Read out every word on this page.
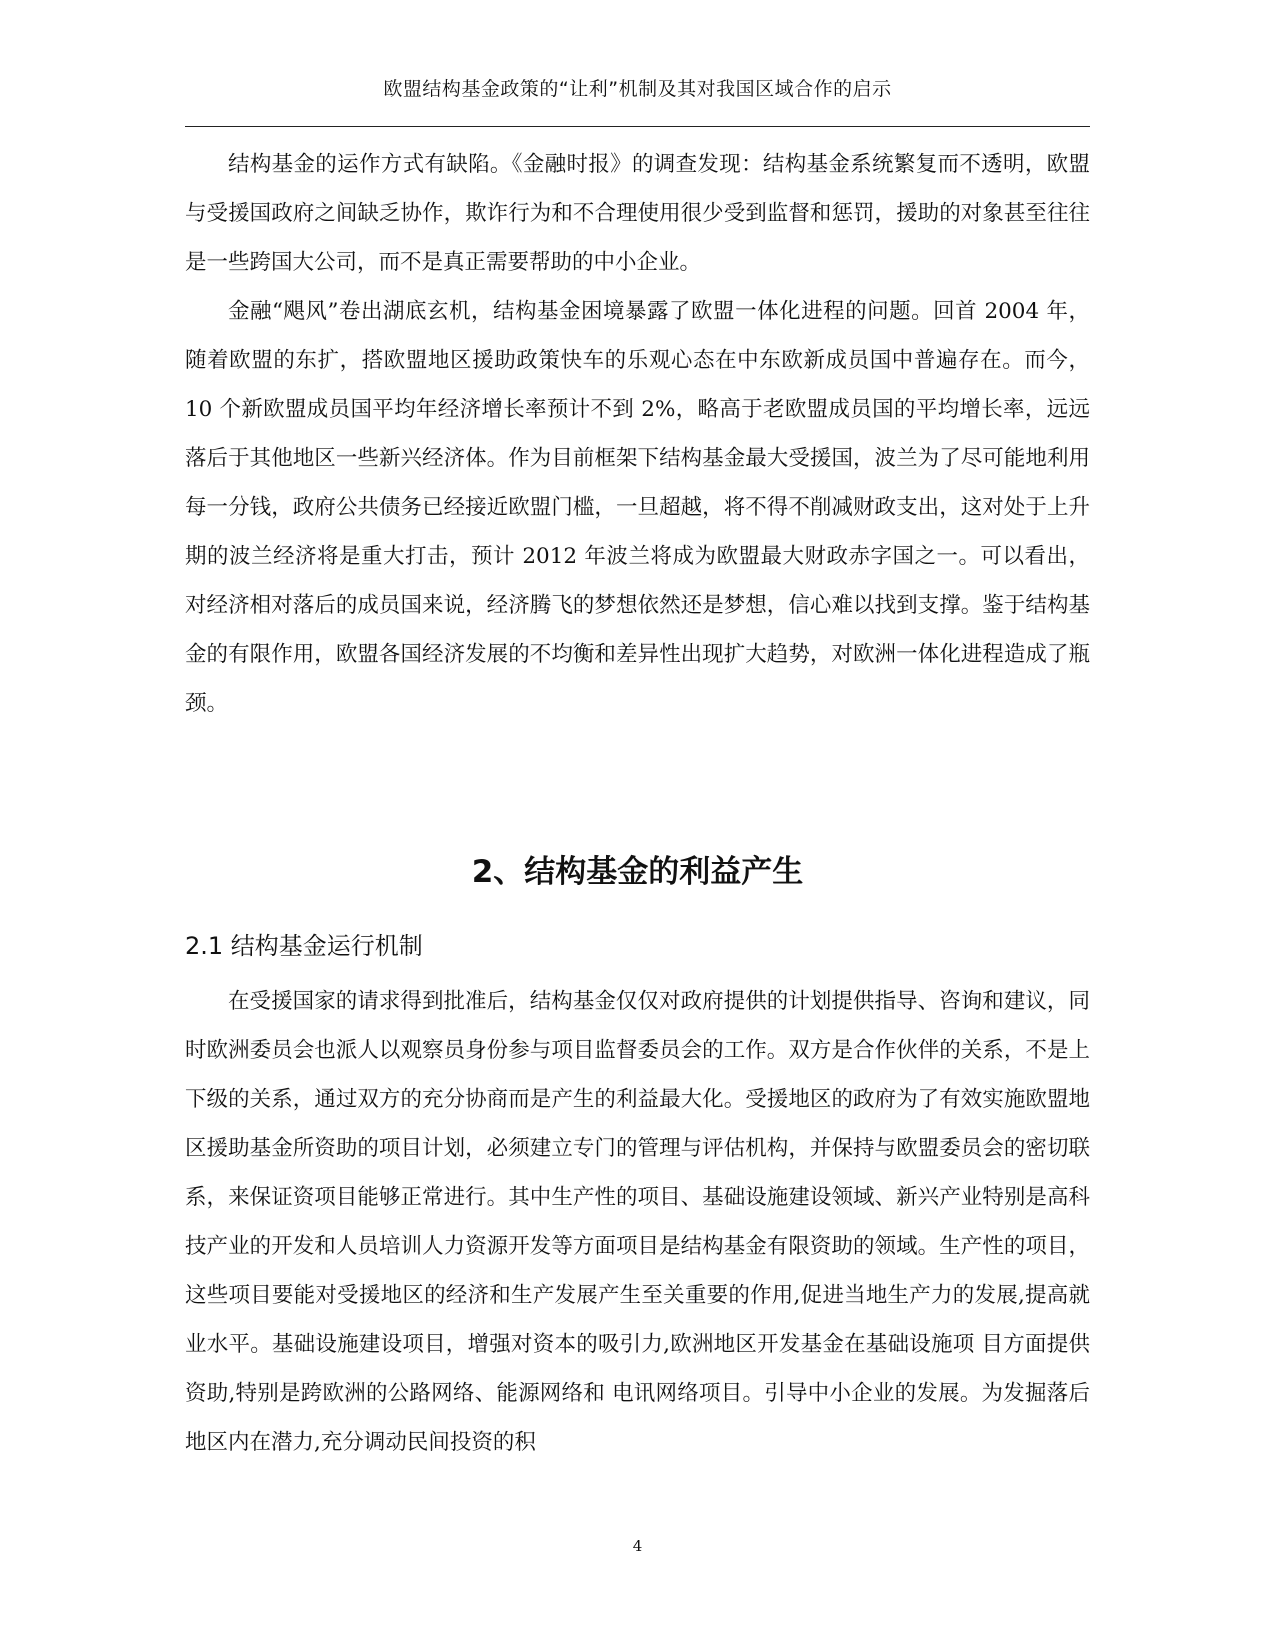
欧盟结构基金政策的“让利”机制及其对我国区域合作的启示

结构基金的运作方式有缺陷。《金融时报》的调查发现：结构基金系统繁复而不透明，欧盟与受援国政府之间缺乏协作，欺诈行为和不合理使用很少受到监督和惩罚，援助的对象甚至往往是一些跨国大公司，而不是真正需要帮助的中小企业。

金融“飓风”卷出湖底玄机，结构基金困境暴露了欧盟一体化进程的问题。回首 2004 年，随着欧盟的东扩，搭欧盟地区援助政策快车的乐观心态在中东欧新成员国中普遍存在。而今，10 个新欧盟成员国平均年经济增长率预计不到 2%，略高于老欧盟成员国的平均增长率，远远落后于其他地区一些新兴经济体。作为目前框架下结构基金最大受援国，波兰为了尽可能地利用每一分钱，政府公共债务已经接近欧盟门槛，一旦超越，将不得不削减财政支出，这对处于上升期的波兰经济将是重大打击，预计 2012 年波兰将成为欧盟最大财政赤字国之一。可以看出，对经济相对落后的成员国来说，经济腾飞的梦想依然还是梦想，信心难以找到支撑。鉴于结构基金的有限作用，欧盟各国经济发展的不均衡和差异性出现扩大趋势，对欧洲一体化进程造成了瓶颈。

2、结构基金的利益产生
2.1 结构基金运行机制

在受援国家的请求得到批准后，结构基金仅仅对政府提供的计划提供指导、咨询和建议，同时欧洲委员会也派人以观察员身份参与项目监督委员会的工作。双方是合作伙伴的关系，不是上下级的关系，通过双方的充分协商而是产生的利益最大化。受援地区的政府为了有效实施欧盟地区援助基金所资助的项目计划，必须建立专门的管理与评估机构，并保持与欧盟委员会的密切联系，来保证资项目能够正常进行。其中生产性的项目、基础设施建设领域、新兴产业特别是高科技产业的开发和人员培训人力资源开发等方面项目是结构基金有限资助的领域。生产性的项目，这些项目要能对受援地区的经济和生产发展产生至关重要的作用,促进当地生产力的发展,提高就业水平。基础设施建设项目，增强对资本的吸引力,欧洲地区开发基金在基础设施项 目方面提供资助,特别是跨欧洲的公路网络、能源网络和 电讯网络项目。引导中小企业的发展。为发掘落后地区内在潜力,充分调动民间投资的积

4
